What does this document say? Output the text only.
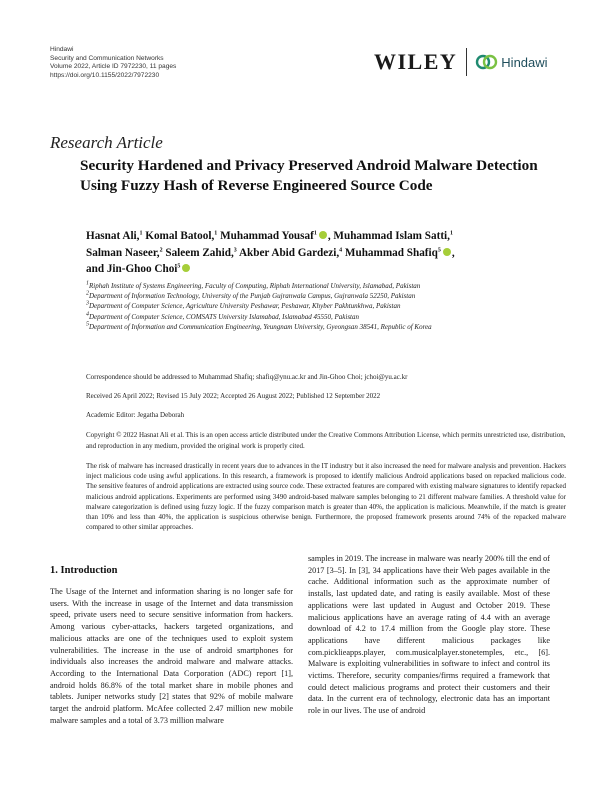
Hindawi
Security and Communication Networks
Volume 2022, Article ID 7972230, 11 pages
https://doi.org/10.1155/2022/7972230
WILEY	Hindawi
Research Article
Security Hardened and Privacy Preserved Android Malware Detection Using Fuzzy Hash of Reverse Engineered Source Code
Hasnat Ali,$^1$ Komal Batool,$^1$ Muhammad Yousaf$^1$ , Muhammad Islam Satti,$^1$
Salman Naseer,$^2$ Saleem Zahid,$^3$ Akber Abid Gardezi,$^4$ Muhammad Shafiq$^5$ ,
and Jin-Ghoo Choi$^5$
$^1$Riphah Institute of Systems Engineering, Faculty of Computing, Riphah International University, Islamabad, Pakistan
$^2$Department of Information Technology, University of the Punjab Gujranwala Campus, Gujranwala 52250, Pakistan
$^3$Department of Computer Science, Agriculture University Peshawar, Peshawar, Khyber Pakhtunkhwa, Pakistan
$^4$Department of Computer Science, COMSATS University Islamabad, Islamabad 45550, Pakistan
$^5$Department of Information and Communication Engineering, Yeungnam University, Gyeongsan 38541, Republic of Korea
Correspondence should be addressed to Muhammad Shafiq; shafiq@ynu.ac.kr and Jin-Ghoo Choi; jchoi@yu.ac.kr
Received 26 April 2022; Revised 15 July 2022; Accepted 26 August 2022; Published 12 September 2022
Academic Editor: Jegatha Deborah
Copyright © 2022 Hasnat Ali et al. This is an open access article distributed under the Creative Commons Attribution License, which permits unrestricted use, distribution, and reproduction in any medium, provided the original work is properly cited.
The risk of malware has increased drastically in recent years due to advances in the IT industry but it also increased the need for malware analysis and prevention. Hackers inject malicious code using awful applications. In this research, a framework is proposed to identify malicious Android applications based on repacked malicious code. The sensitive features of android applications are extracted using source code. These extracted features are compared with existing malware signatures to identify repacked malicious android applications. Experiments are performed using 3490 android-based malware samples belonging to 21 different malware families. A threshold value for malware categorization is defined using fuzzy logic. If the fuzzy comparison match is greater than 40%, the application is malicious. Meanwhile, if the match is greater than 10% and less than 40%, the application is suspicious otherwise benign. Furthermore, the proposed framework presents around 74% of the repacked malware compared to other similar approaches.
1. Introduction
The Usage of the Internet and information sharing is no longer safe for users. With the increase in usage of the Internet and data transmission speed, private users need to secure sensitive information from hackers. Among various cyber-attacks, hackers targeted organizations, and malicious attacks are one of the techniques used to exploit system vulnerabilities. The increase in the use of android smartphones for individuals also increases the android malware and malware attacks. According to the International Data Corporation (ADC) report [1], android holds 86.8% of the total market share in mobile phones and tablets. Juniper networks study [2] states that 92% of mobile malware target the android platform. McAfee collected 2.47 million new mobile malware samples and a total of 3.73 million malware
samples in 2019. The increase in malware was nearly 200% till the end of 2017 [3–5]. In [3], 34 applications have their Web pages available in the cache. Additional information such as the approximate number of installs, last updated date, and rating is easily available. Most of these applications were last updated in August and October 2019. These malicious applications have an average rating of 4.4 with an average download of 4.2 to 17.4 million from the Google play store. These applications have different malicious packages like com.picklieapps.player, com.musicalplayer.stonetemples, etc., [6]. Malware is exploiting vulnerabilities in software to infect and control its victims. Therefore, security companies/firms required a framework that could detect malicious programs and protect their customers and their data. In the current era of technology, electronic data has an important role in our lives. The use of android
